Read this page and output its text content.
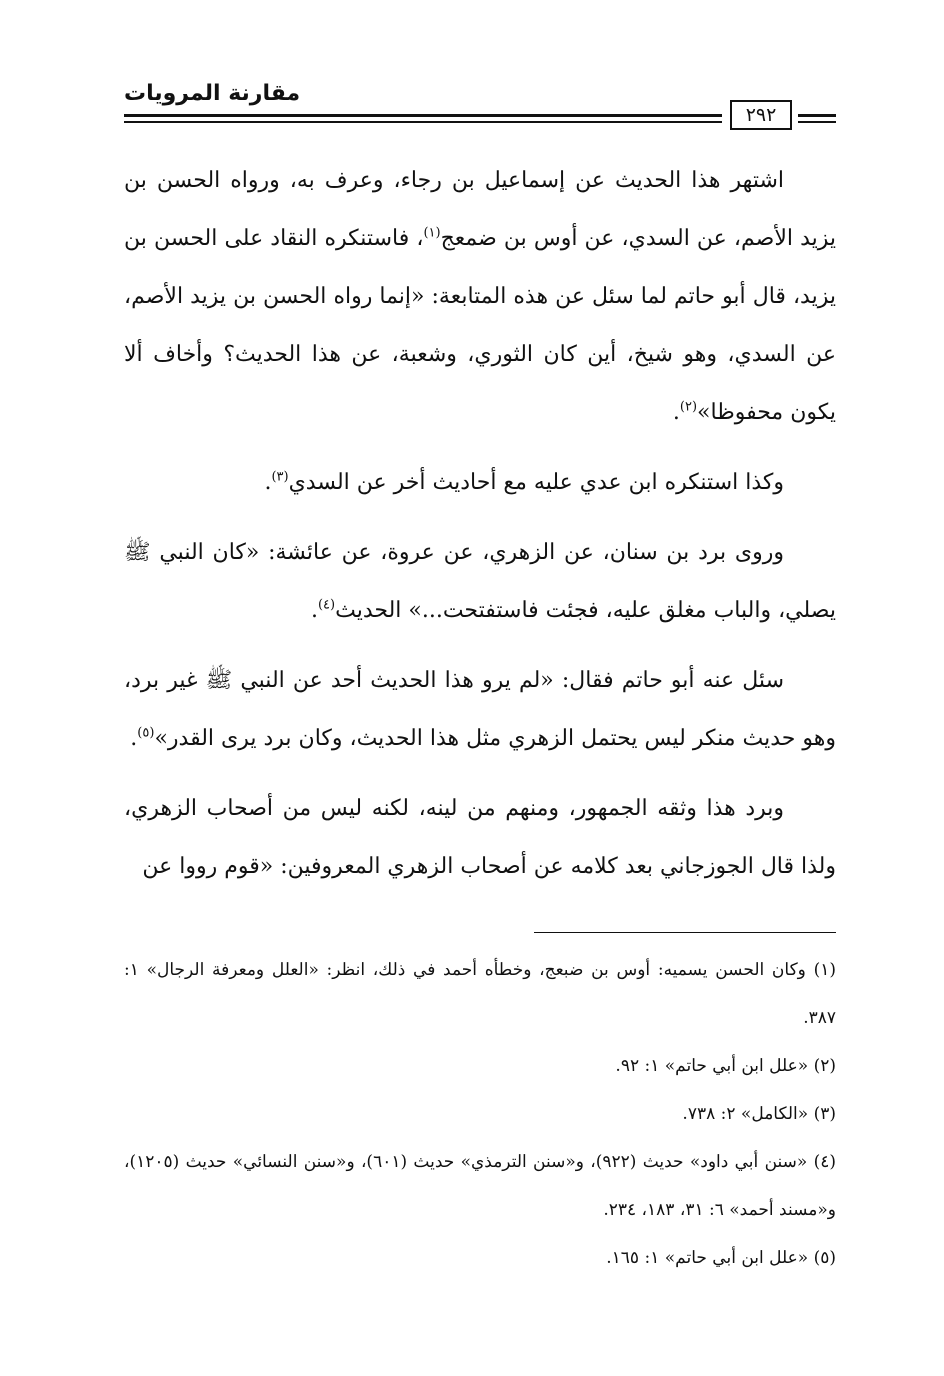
مقارنة المرويات
٢٩٢

اشتهر هذا الحديث عن إسماعيل بن رجاء، وعرف به، ورواه الحسن بن يزيد الأصم، عن السدي، عن أوس بن ضمعج$^{(١)}$، فاستنكره النقاد على الحسن بن يزيد، قال أبو حاتم لما سئل عن هذه المتابعة: «إنما رواه الحسن بن يزيد الأصم، عن السدي، وهو شيخ، أين كان الثوري، وشعبة، عن هذا الحديث؟ وأخاف ألا يكون محفوظا»$^{(٢)}$.

وكذا استنكره ابن عدي عليه مع أحاديث أخر عن السدي$^{(٣)}$.

وروى برد بن سنان، عن الزهري، عن عروة، عن عائشة: «كان النبي ﷺ يصلي، والباب مغلق عليه، فجئت فاستفتحت...» الحديث$^{(٤)}$.

سئل عنه أبو حاتم فقال: «لم يرو هذا الحديث أحد عن النبي ﷺ غير برد، وهو حديث منكر ليس يحتمل الزهري مثل هذا الحديث، وكان برد يرى القدر»$^{(٥)}$.

وبرد هذا وثقه الجمهور، ومنهم من لينه، لكنه ليس من أصحاب الزهري، ولذا قال الجوزجاني بعد كلامه عن أصحاب الزهري المعروفين: «قوم رووا عن

(١) وكان الحسن يسميه: أوس بن ضبعج، وخطأه أحمد في ذلك، انظر: «العلل ومعرفة الرجال» ١: ٣٨٧.

(٢) «علل ابن أبي حاتم» ١: ٩٢.

(٣) «الكامل» ٢: ٧٣٨.

(٤) «سنن أبي داود» حديث (٩٢٢)، و«سنن الترمذي» حديث (٦٠١)، و«سنن النسائي» حديث (١٢٠٥)، و«مسند أحمد» ٦: ٣١، ١٨٣، ٢٣٤.

(٥) «علل ابن أبي حاتم» ١: ١٦٥.
